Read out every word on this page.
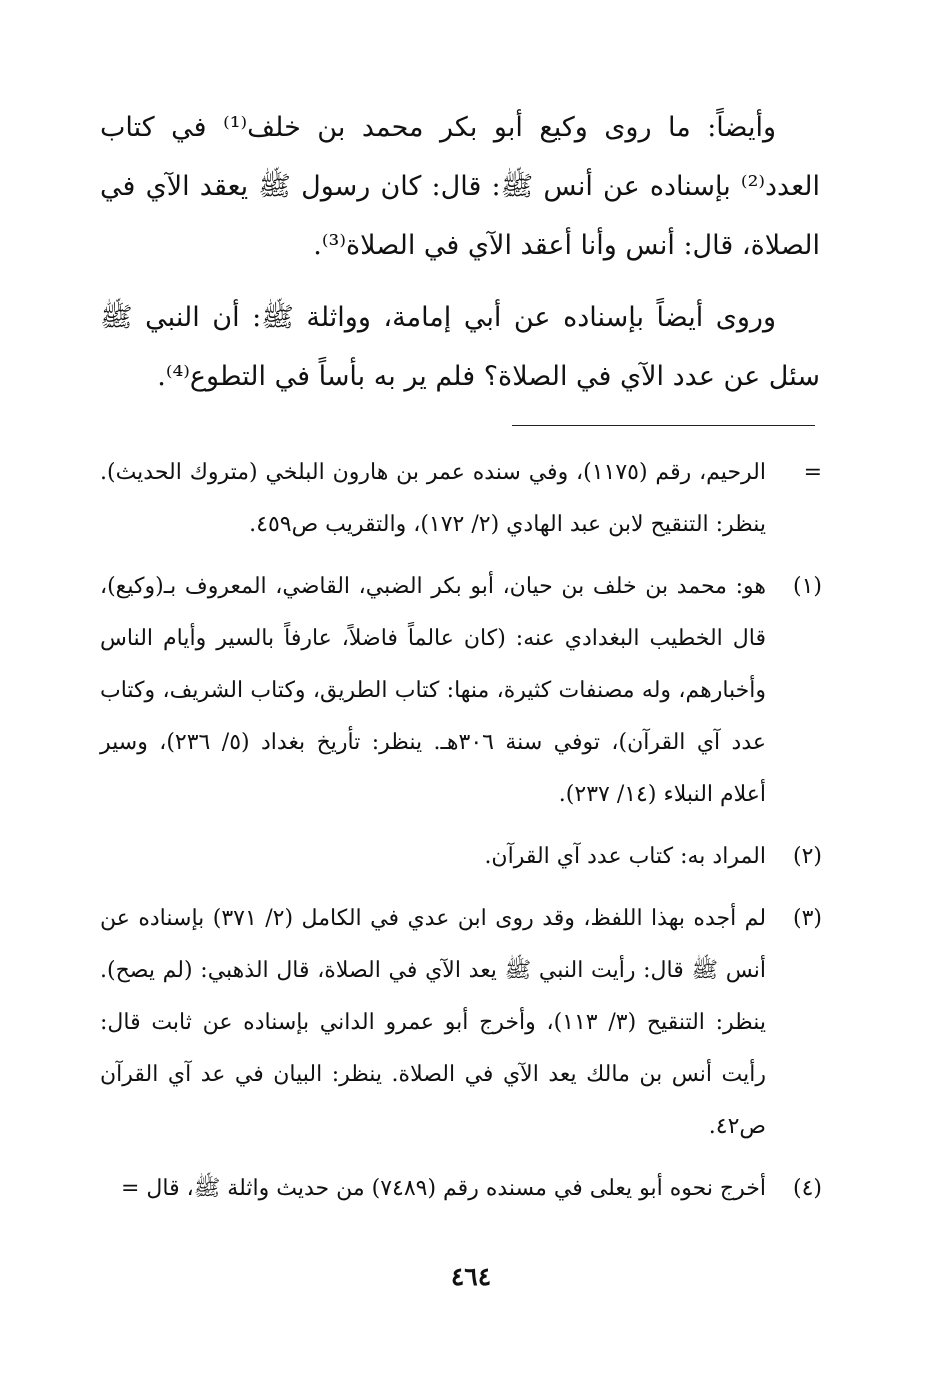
وأيضاً: ما روى وكيع أبو بكر محمد بن خلف⁽¹⁾ في كتاب العدد⁽²⁾ بإسناده عن أنس ﷺ: قال: كان رسول ﷺ يعقد الآي في الصلاة، قال: أنس وأنا أعقد الآي في الصلاة⁽³⁾.

وروى أيضاً بإسناده عن أبي إمامة، وواثلة ﷺ: أن النبي ﷺ سئل عن عدد الآي في الصلاة؟ فلم ير به بأساً في التطوع⁽⁴⁾.

=
الرحيم، رقم (١١٧٥)، وفي سنده عمر بن هارون البلخي (متروك الحديث). ينظر: التنقيح لابن عبد الهادي (٢/ ١٧٢)، والتقريب ص٤٥٩.
(١)
هو: محمد بن خلف بن حيان، أبو بكر الضبي، القاضي، المعروف بـ(وكيع)، قال الخطيب البغدادي عنه: (كان عالماً فاضلاً، عارفاً بالسير وأيام الناس وأخبارهم، وله مصنفات كثيرة، منها: كتاب الطريق، وكتاب الشريف، وكتاب عدد آي القرآن)، توفي سنة ٣٠٦هـ. ينظر: تأريخ بغداد (٥/ ٢٣٦)، وسير أعلام النبلاء (١٤/ ٢٣٧).
(٢)
المراد به: كتاب عدد آي القرآن.
(٣)
لم أجده بهذا اللفظ، وقد روى ابن عدي في الكامل (٢/ ٣٧١) بإسناده عن أنس ﷺ قال: رأيت النبي ﷺ يعد الآي في الصلاة، قال الذهبي: (لم يصح). ينظر: التنقيح (٣/ ١١٣)، وأخرج أبو عمرو الداني بإسناده عن ثابت قال: رأيت أنس بن مالك يعد الآي في الصلاة. ينظر: البيان في عد آي القرآن ص٤٢.
(٤)
أخرج نحوه أبو يعلى في مسنده رقم (٧٤٨٩) من حديث واثلة ﷺ، قال =
٤٦٤
